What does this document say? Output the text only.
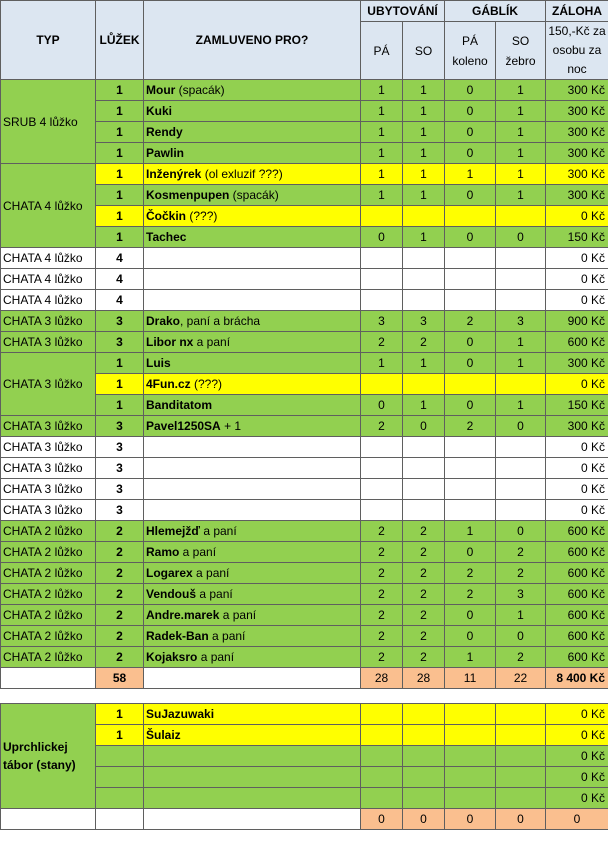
TYP	LŮŽEK	ZAMLUVENO PRO?	UBYTOVÁNÍ		GÁBLÍK		ZÁLOHA
			PÁ	SO	PÁ koleno	SO žebro	150,-Kč za osobu za noc
SRUB 4 lůžko	1	Mour (spacák)	1	1	0	1	300 Kč
	1	Kuki	1	1	0	1	300 Kč
	1	Rendy	1	1	0	1	300 Kč
	1	Pawlin	1	1	0	1	300 Kč
CHATA 4 lůžko	1	Inženýrek (ol exluzif ???)	1	1	1	1	300 Kč
	1	Kosmenpupen (spacák)	1	1	0	1	300 Kč
	1	Čočkin (???)					0 Kč
	1	Tachec	0	1	0	0	150 Kč
CHATA 4 lůžko	4						0 Kč
CHATA 4 lůžko	4						0 Kč
CHATA 4 lůžko	4						0 Kč
CHATA 3 lůžko	3	Drako, paní a brácha	3	3	2	3	900 Kč
CHATA 3 lůžko	3	Libor nx a paní	2	2	0	1	600 Kč
CHATA 3 lůžko	1	Luis	1	1	0	1	300 Kč
	1	4Fun.cz (???)					0 Kč
	1	Banditatom	0	1	0	1	150 Kč
CHATA 3 lůžko	3	Pavel1250SA + 1	2	0	2	0	300 Kč
CHATA 3 lůžko	3						0 Kč
CHATA 3 lůžko	3						0 Kč
CHATA 3 lůžko	3						0 Kč
CHATA 3 lůžko	3						0 Kč
CHATA 2 lůžko	2	Hlemejžď a paní	2	2	1	0	600 Kč
CHATA 2 lůžko	2	Ramo a paní	2	2	0	2	600 Kč
CHATA 2 lůžko	2	Logarex a paní	2	2	2	2	600 Kč
CHATA 2 lůžko	2	Vendouš a paní	2	2	2	3	600 Kč
CHATA 2 lůžko	2	Andre.marek a paní	2	2	0	1	600 Kč
CHATA 2 lůžko	2	Radek-Ban a paní	2	2	0	0	600 Kč
CHATA 2 lůžko	2	Kojaksro a paní	2	2	1	2	600 Kč
	58		28	28	11	22	8 400 Kč

Uprchlickej tábor (stany)	1	SuJazuwaki					0 Kč
	1	Šulaiz					0 Kč
							0 Kč
							0 Kč
							0 Kč
			0	0	0	0	0
